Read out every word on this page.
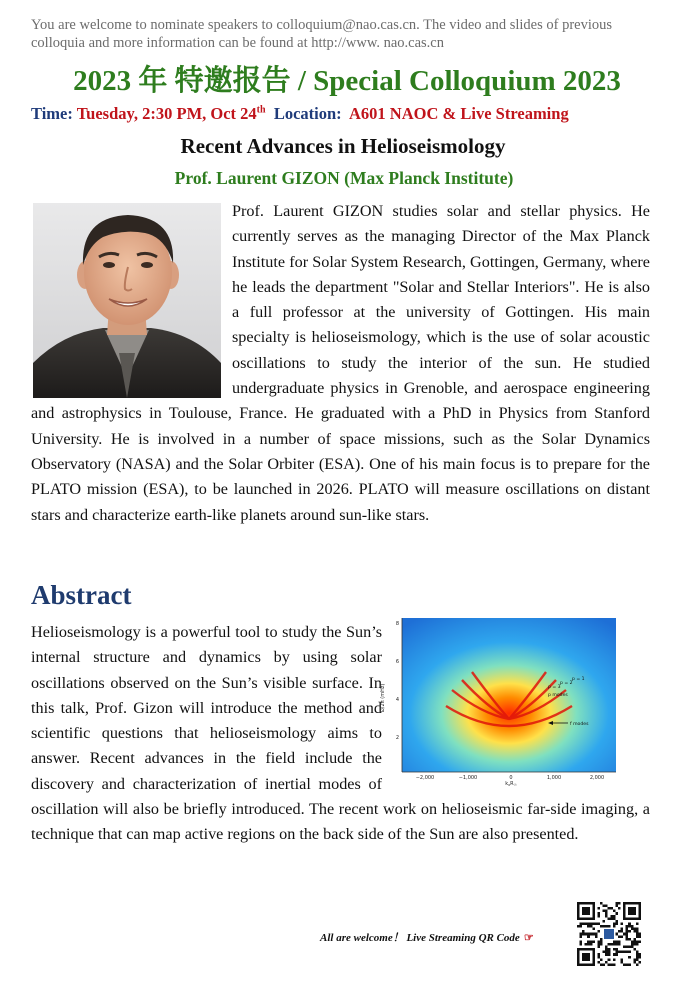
You are welcome to nominate speakers to colloquium@nao.cas.cn. The video and slides of previous colloquia and more information can be found at http://www. nao.cas.cn
2023 年 特邀报告 / Special Colloquium 2023
Time: Tuesday, 2:30 PM, Oct 24th Location: A601 NAOC & Live Streaming
Recent Advances in Helioseismology
Prof. Laurent GIZON (Max Planck Institute)
Prof. Laurent GIZON studies solar and stellar physics. He currently serves as the managing Director of the Max Planck Institute for Solar System Research, Gottingen, Germany, where he leads the department "Solar and Stellar Interiors". He is also a full professor at the university of Gottingen. His main specialty is helioseismology, which is the use of solar acoustic oscillations to study the interior of the sun. He studied undergraduate physics in Grenoble, and aerospace engineering and astrophysics in Toulouse, France. He graduated with a PhD in Physics from Stanford University. He is involved in a number of space missions, such as the Solar Dynamics Observatory (NASA) and the Solar Orbiter (ESA). One of his main focus is to prepare for the PLATO mission (ESA), to be launched in 2026. PLATO will measure oscillations on distant stars and characterize earth-like planets around sun-like stars.
Abstract
Helioseismology is a powerful tool to study the Sun’s internal structure and dynamics by using solar oscillations observed on the Sun’s visible surface. In this talk, Prof. Gizon will introduce the method and scientific questions that helioseismology aims to answer. Recent advances in the field include the discovery and characterization of inertial modes of oscillation will also be briefly introduced. The recent work on helioseismic far-side imaging, a technique that can map active regions on the back side of the Sun are also presented.
2
4
6
8
−2,000	−1,000	0	1,000	2,000
ω/2π (mHz)
$k_xR_☉$
p = 3
p = 2
p = 1
p modes
f modes
All are welcome！ Live Streaming QR Code ☞
